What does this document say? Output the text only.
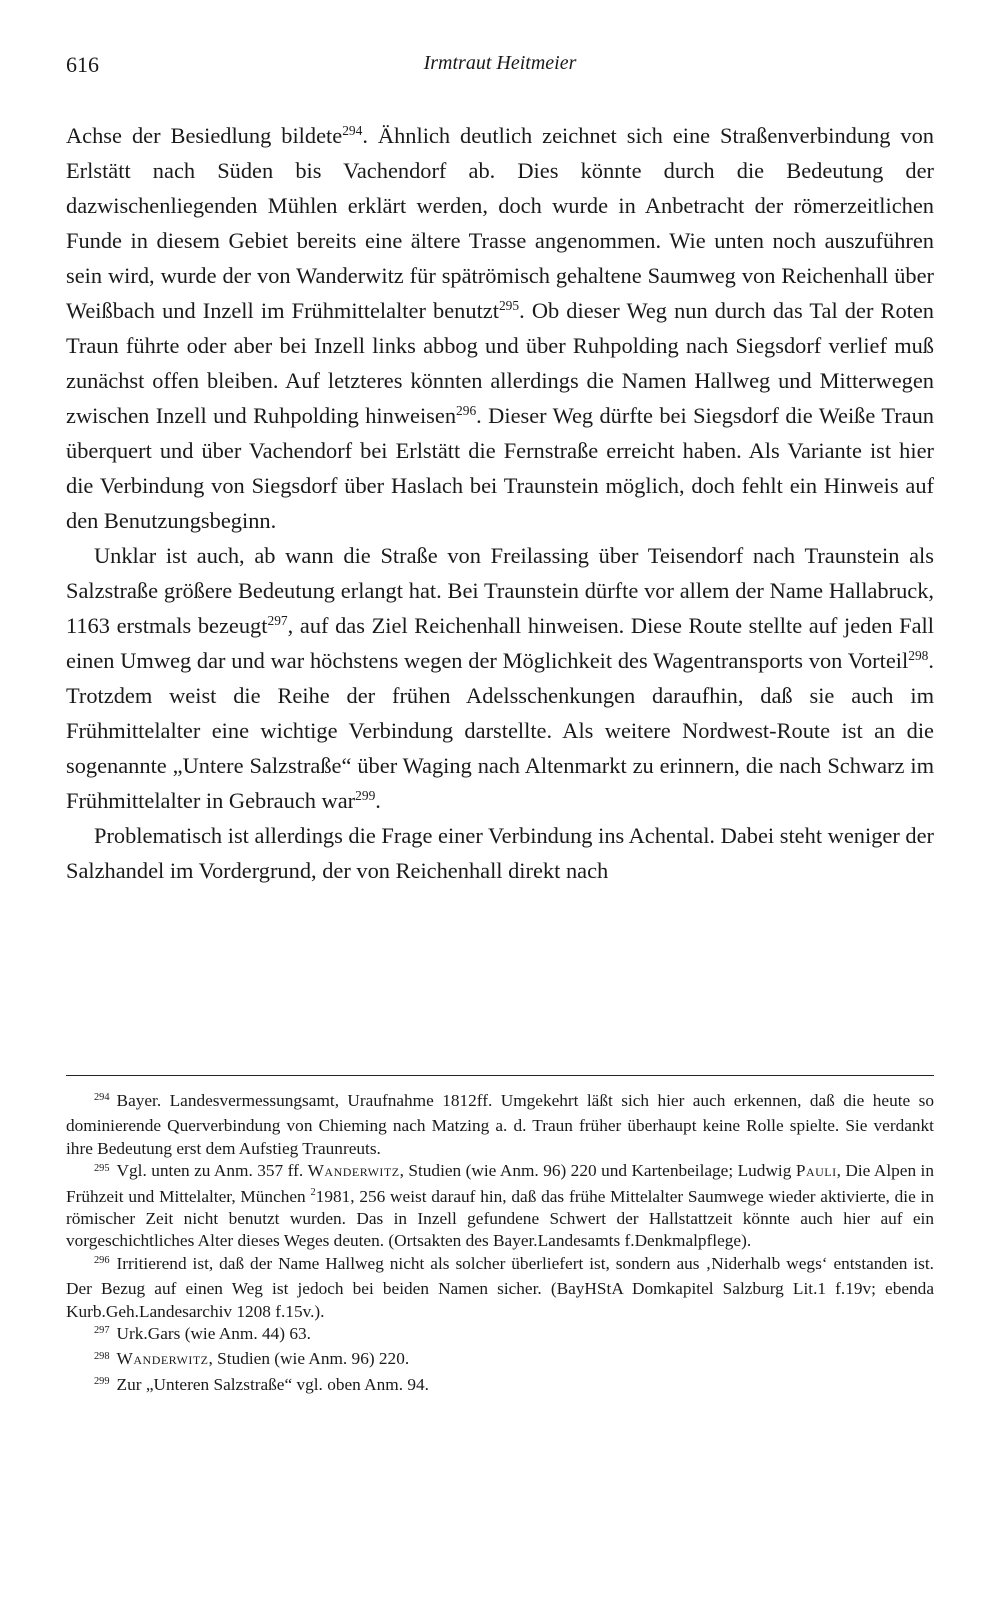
616	Irmtraut Heitmeier

Achse der Besiedlung bildete$^{294}$. Ähnlich deutlich zeichnet sich eine Straßenverbindung von Erlstätt nach Süden bis Vachendorf ab. Dies könnte durch die Bedeutung der dazwischenliegenden Mühlen erklärt werden, doch wurde in Anbetracht der römerzeitlichen Funde in diesem Gebiet bereits eine ältere Trasse angenommen. Wie unten noch auszuführen sein wird, wurde der von Wanderwitz für spätrömisch gehaltene Saumweg von Reichenhall über Weißbach und Inzell im Frühmittelalter benutzt$^{295}$. Ob dieser Weg nun durch das Tal der Roten Traun führte oder aber bei Inzell links abbog und über Ruhpolding nach Siegsdorf verlief muß zunächst offen bleiben. Auf letzteres könnten allerdings die Namen Hallweg und Mitterwegen zwischen Inzell und Ruhpolding hinweisen$^{296}$. Dieser Weg dürfte bei Siegsdorf die Weiße Traun überquert und über Vachendorf bei Erlstätt die Fernstraße erreicht haben. Als Variante ist hier die Verbindung von Siegsdorf über Haslach bei Traunstein möglich, doch fehlt ein Hinweis auf den Benutzungsbeginn.

Unklar ist auch, ab wann die Straße von Freilassing über Teisendorf nach Traunstein als Salzstraße größere Bedeutung erlangt hat. Bei Traunstein dürfte vor allem der Name Hallabruck, 1163 erstmals bezeugt$^{297}$, auf das Ziel Reichenhall hinweisen. Diese Route stellte auf jeden Fall einen Umweg dar und war höchstens wegen der Möglichkeit des Wagentransports von Vorteil$^{298}$. Trotzdem weist die Reihe der frühen Adelsschenkungen daraufhin, daß sie auch im Frühmittelalter eine wichtige Verbindung darstellte. Als weitere Nordwest-Route ist an die sogenannte „Untere Salzstraße“ über Waging nach Altenmarkt zu erinnern, die nach Schwarz im Frühmittelalter in Gebrauch war$^{299}$.

Problematisch ist allerdings die Frage einer Verbindung ins Achental. Dabei steht weniger der Salzhandel im Vordergrund, der von Reichenhall direkt nach

$^{294}$ Bayer. Landesvermessungsamt, Uraufnahme 1812ff. Umgekehrt läßt sich hier auch erkennen, daß die heute so dominierende Querverbindung von Chieming nach Matzing a. d. Traun früher überhaupt keine Rolle spielte. Sie verdankt ihre Bedeutung erst dem Aufstieg Traunreuts.

$^{295}$ Vgl. unten zu Anm. 357 ff. Wanderwitz, Studien (wie Anm. 96) 220 und Kartenbeilage; Ludwig Pauli, Die Alpen in Frühzeit und Mittelalter, München $^2$1981, 256 weist darauf hin, daß das frühe Mittelalter Saumwege wieder aktivierte, die in römischer Zeit nicht benutzt wurden. Das in Inzell gefundene Schwert der Hallstattzeit könnte auch hier auf ein vorgeschichtliches Alter dieses Weges deuten. (Ortsakten des Bayer.Landesamts f.Denkmalpflege).

$^{296}$ Irritierend ist, daß der Name Hallweg nicht als solcher überliefert ist, sondern aus ‚Niderhalb wegs‘ entstanden ist. Der Bezug auf einen Weg ist jedoch bei beiden Namen sicher. (BayHStA Domkapitel Salzburg Lit.1 f.19v; ebenda Kurb.Geh.Landesarchiv 1208 f.15v.).

$^{297}$ Urk.Gars (wie Anm. 44) 63.

$^{298}$ Wanderwitz, Studien (wie Anm. 96) 220.

$^{299}$ Zur „Unteren Salzstraße“ vgl. oben Anm. 94.
